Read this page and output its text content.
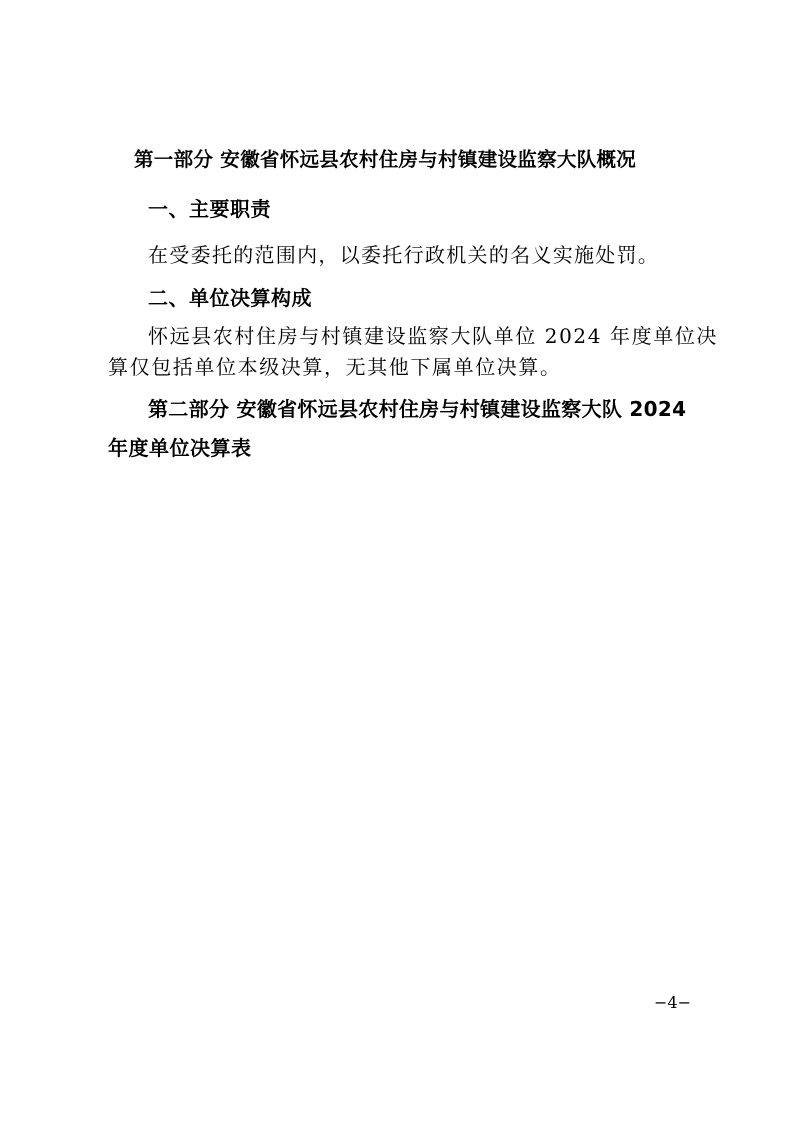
第一部分 安徽省怀远县农村住房与村镇建设监察大队概况
一、主要职责
在受委托的范围内，以委托行政机关的名义实施处罚。
二、单位决算构成
怀远县农村住房与村镇建设监察大队单位 2024 年度单位决
算仅包括单位本级决算，无其他下属单位决算。
第二部分 安徽省怀远县农村住房与村镇建设监察大队 2024
年度单位决算表
−4−
